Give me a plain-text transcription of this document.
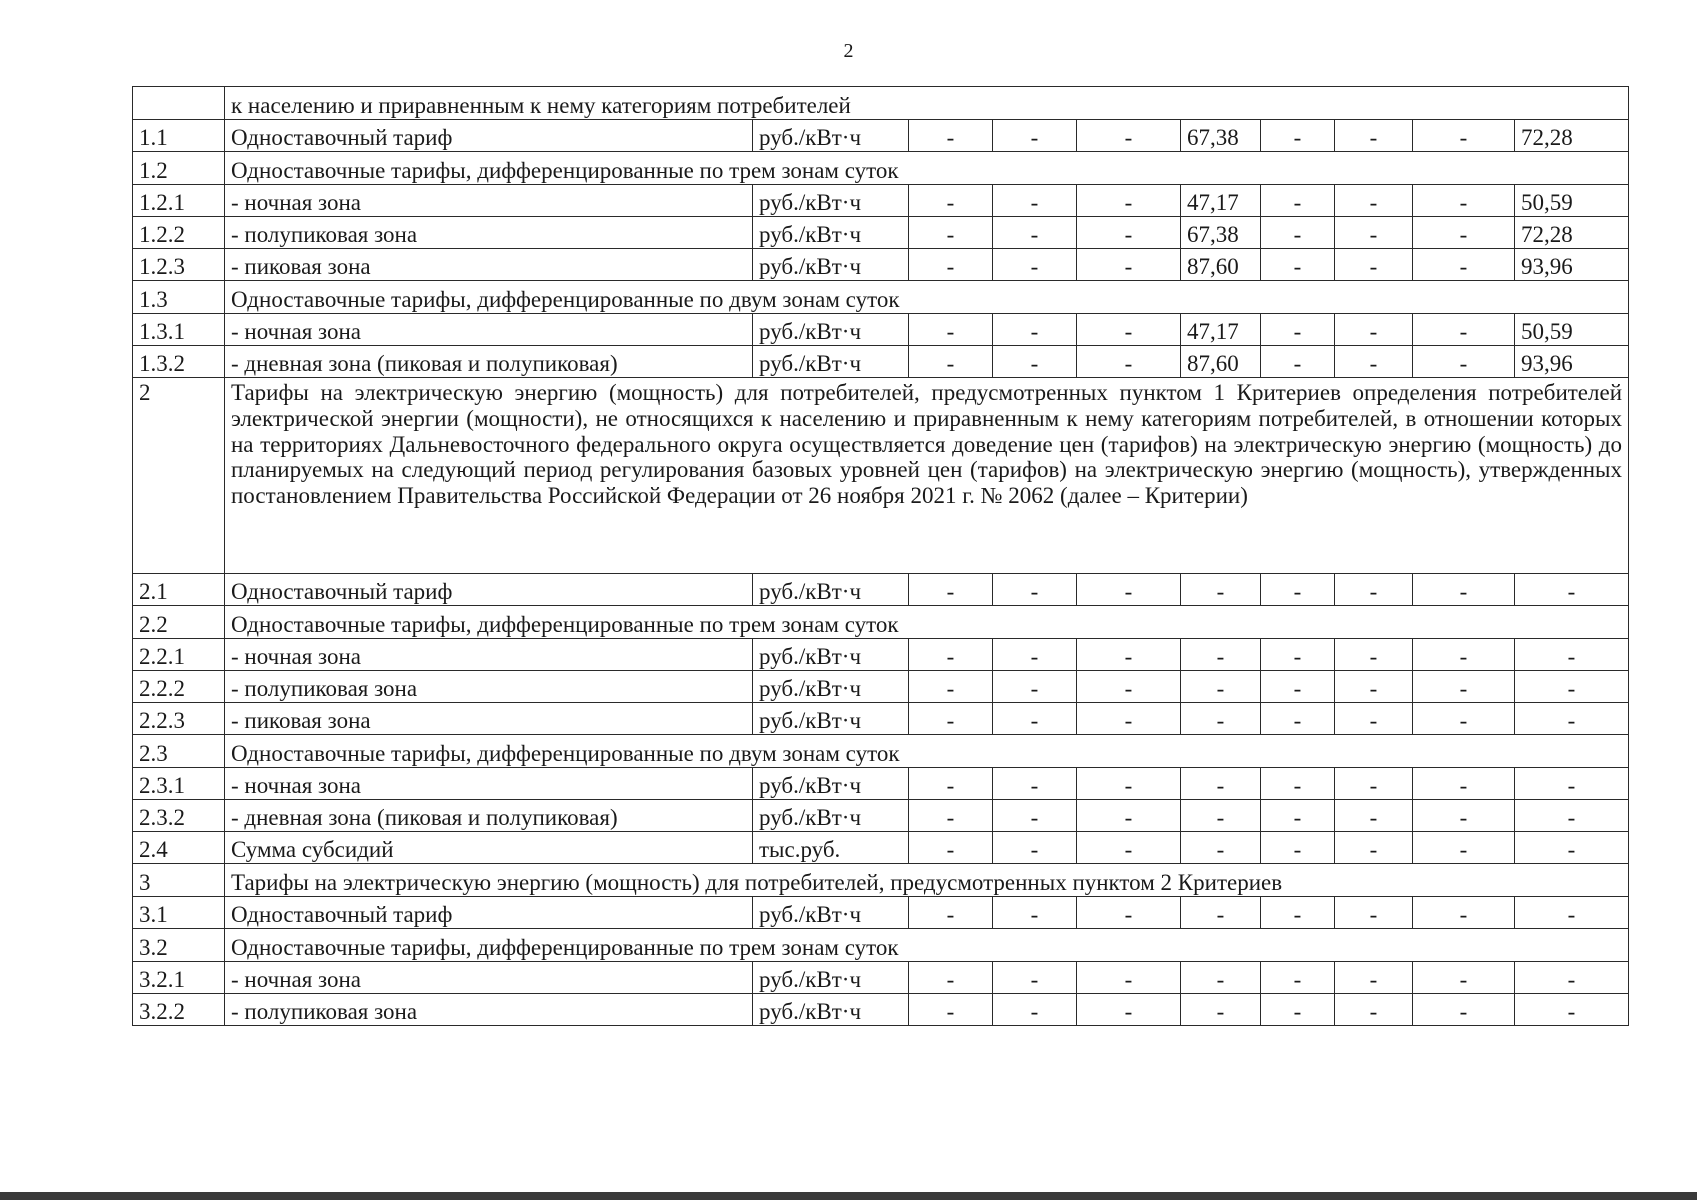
2
	к населению и приравненным к нему категориям потребителей									
1.1	Одноставочный тариф	руб./кВт·ч	-	-	-	67,38	-	-	-	72,28
1.2	Одноставочные тарифы, дифференцированные по трем зонам суток									
1.2.1	- ночная зона	руб./кВт·ч	-	-	-	47,17	-	-	-	50,59
1.2.2	- полупиковая зона	руб./кВт·ч	-	-	-	67,38	-	-	-	72,28
1.2.3	- пиковая зона	руб./кВт·ч	-	-	-	87,60	-	-	-	93,96
1.3	Одноставочные тарифы, дифференцированные по двум зонам суток									
1.3.1	- ночная зона	руб./кВт·ч	-	-	-	47,17	-	-	-	50,59
1.3.2	- дневная зона (пиковая и полупиковая)	руб./кВт·ч	-	-	-	87,60	-	-	-	93,96
2	Тарифы на электрическую энергию (мощность) для потребителей, предусмотренных пунктом 1 Критериев определения потребителей электрической энергии (мощности), не относящихся к населению и приравненным к нему категориям потребителей, в отношении которых на территориях Дальневосточного федерального округа осуществляется доведение цен (тарифов) на электрическую энергию (мощность) до планируемых на следующий период регулирования базовых уровней цен (тарифов) на электрическую энергию (мощность), утвержденных постановлением Правительства Российской Федерации от 26 ноября 2021 г. № 2062 (далее – Критерии)									
2.1	Одноставочный тариф	руб./кВт·ч	-	-	-	-	-	-	-	-
2.2	Одноставочные тарифы, дифференцированные по трем зонам суток									
2.2.1	- ночная зона	руб./кВт·ч	-	-	-	-	-	-	-	-
2.2.2	- полупиковая зона	руб./кВт·ч	-	-	-	-	-	-	-	-
2.2.3	- пиковая зона	руб./кВт·ч	-	-	-	-	-	-	-	-
2.3	Одноставочные тарифы, дифференцированные по двум зонам суток									
2.3.1	- ночная зона	руб./кВт·ч	-	-	-	-	-	-	-	-
2.3.2	- дневная зона (пиковая и полупиковая)	руб./кВт·ч	-	-	-	-	-	-	-	-
2.4	Сумма субсидий	тыс.руб.	-	-	-	-	-	-	-	-
3	Тарифы на электрическую энергию (мощность) для потребителей, предусмотренных пунктом 2 Критериев									
3.1	Одноставочный тариф	руб./кВт·ч	-	-	-	-	-	-	-	-
3.2	Одноставочные тарифы, дифференцированные по трем зонам суток									
3.2.1	- ночная зона	руб./кВт·ч	-	-	-	-	-	-	-	-
3.2.2	- полупиковая зона	руб./кВт·ч	-	-	-	-	-	-	-	-
